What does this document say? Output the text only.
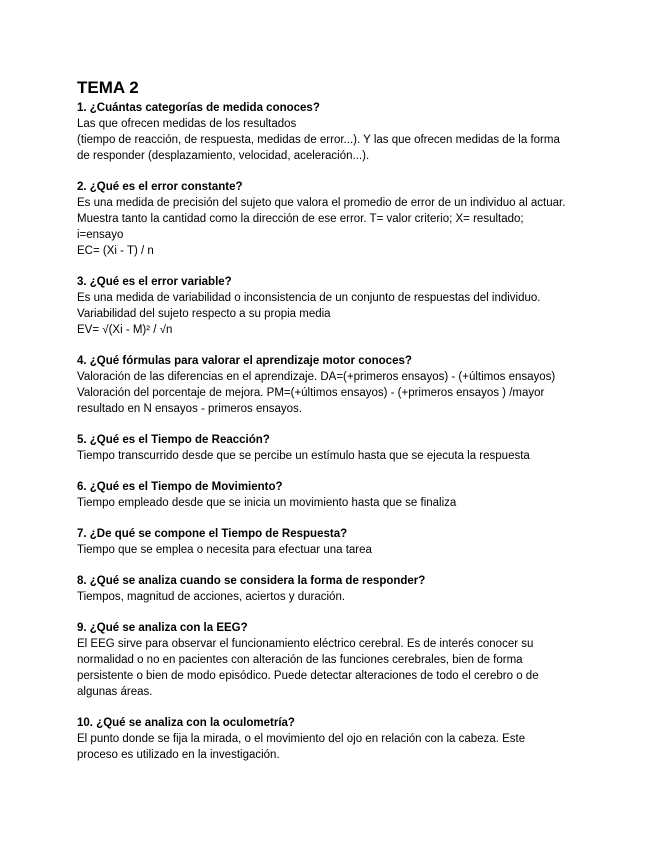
TEMA 2

1. ¿Cuántas categorías de medida conoces?

Las que ofrecen medidas de los resultados

(tiempo de reacción, de respuesta, medidas de error...). Y las que ofrecen medidas de la forma

de responder (desplazamiento, velocidad, aceleración...).

2. ¿Qué es el error constante?

Es una medida de precisión del sujeto que valora el promedio de error de un individuo al actuar.

Muestra tanto la cantidad como la dirección de ese error. T= valor criterio; X= resultado;

i=ensayo

EC= (Xi - T) / n

3. ¿Qué es el error variable?

Es una medida de variabilidad o inconsistencia de un conjunto de respuestas del individuo.

Variabilidad del sujeto respecto a su propia media

EV= √(Xi - M)² / √n

4. ¿Qué fórmulas para valorar el aprendizaje motor conoces?

Valoración de las diferencias en el aprendizaje. DA=(+primeros ensayos) - (+últimos ensayos)

Valoración del porcentaje de mejora. PM=(+últimos ensayos) - (+primeros ensayos ) /mayor

resultado en N ensayos - primeros ensayos.

5. ¿Qué es el Tiempo de Reacción?

Tiempo transcurrido desde que se percibe un estímulo hasta que se ejecuta la respuesta

6. ¿Qué es el Tiempo de Movimiento?

Tiempo empleado desde que se inicia un movimiento hasta que se finaliza

7. ¿De qué se compone el Tiempo de Respuesta?

Tiempo que se emplea o necesita para efectuar una tarea

8. ¿Qué se analiza cuando se considera la forma de responder?

Tiempos, magnitud de acciones, aciertos y duración.

9. ¿Qué se analiza con la EEG?

El EEG sirve para observar el funcionamiento eléctrico cerebral. Es de interés conocer su

normalidad o no en pacientes con alteración de las funciones cerebrales, bien de forma

persistente o bien de modo episódico. Puede detectar alteraciones de todo el cerebro o de

algunas áreas.

10. ¿Qué se analiza con la oculometría?

El punto donde se fija la mirada, o el movimiento del ojo en relación con la cabeza. Este

proceso es utilizado en la investigación.
